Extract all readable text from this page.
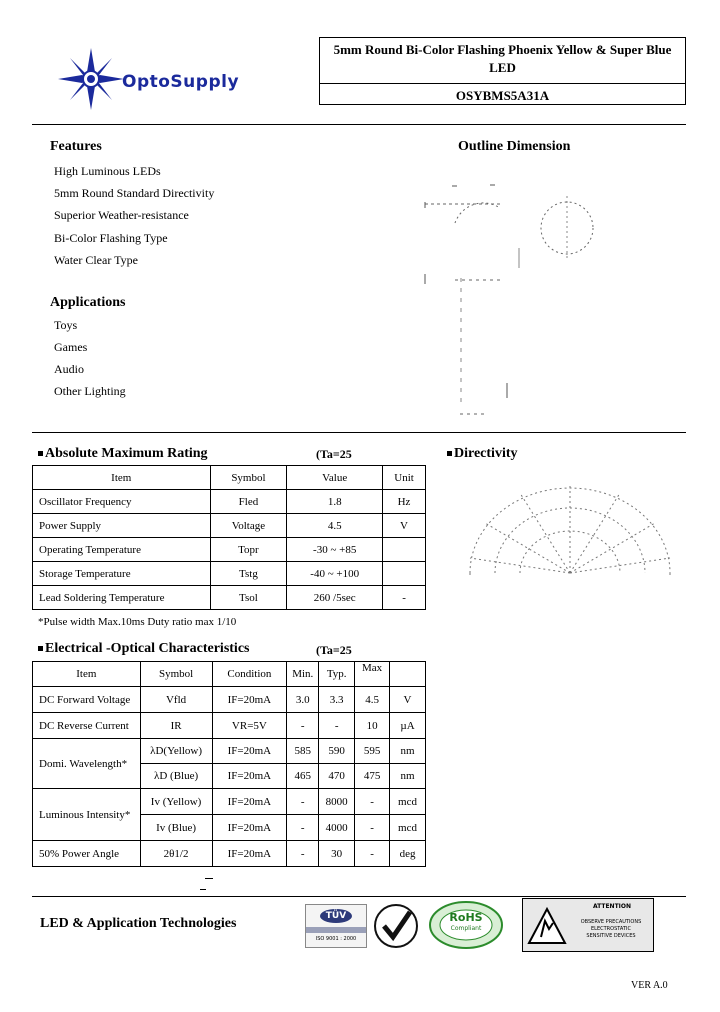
OptoSupply
5mm Round Bi-Color Flashing Phoenix Yellow & Super Blue LED
OSYBMS5A31A
Features
High Luminous LEDs
5mm Round Standard Directivity
Superior Weather-resistance
Bi-Color Flashing Type
Water Clear Type
Applications
Toys
Games
Audio
Other Lighting
Outline Dimension
Absolute Maximum Rating	(Ta=25
Item	Symbol	Value	Unit
Oscillator Frequency	Fled	1.8	Hz
Power Supply	Voltage	4.5	V
Operating Temperature	Topr	-30 ~ +85	
Storage Temperature	Tstg	-40 ~ +100	
Lead Soldering Temperature	Tsol	260 /5sec	-
*Pulse width Max.10ms Duty ratio max 1/10
Directivity
Electrical -Optical Characteristics	(Ta=25
Item	Symbol	Condition	Min.	Typ.	Max	
DC Forward Voltage	Vfld	IF=20mA	3.0	3.3	4.5	V
DC Reverse Current	IR	VR=5V	-	-	10	µA
Domi. Wavelength*	λD(Yellow)	IF=20mA	585	590	595	nm
	λD (Blue)	IF=20mA	465	470	475	nm
Luminous Intensity*	Iv (Yellow)	IF=20mA	-	8000	-	mcd
	Iv (Blue)	IF=20mA	-	4000	-	mcd
50% Power Angle	2θ1/2	IF=20mA	-	30	-	deg
LED & Application Technologies	TÜV
ISO 9001 : 2000
RoHS
Compliant
ATTENTION
OBSERVE PRECAUTIONS
ELECTROSTATIC
SENSITIVE DEVICES
VER A.0
